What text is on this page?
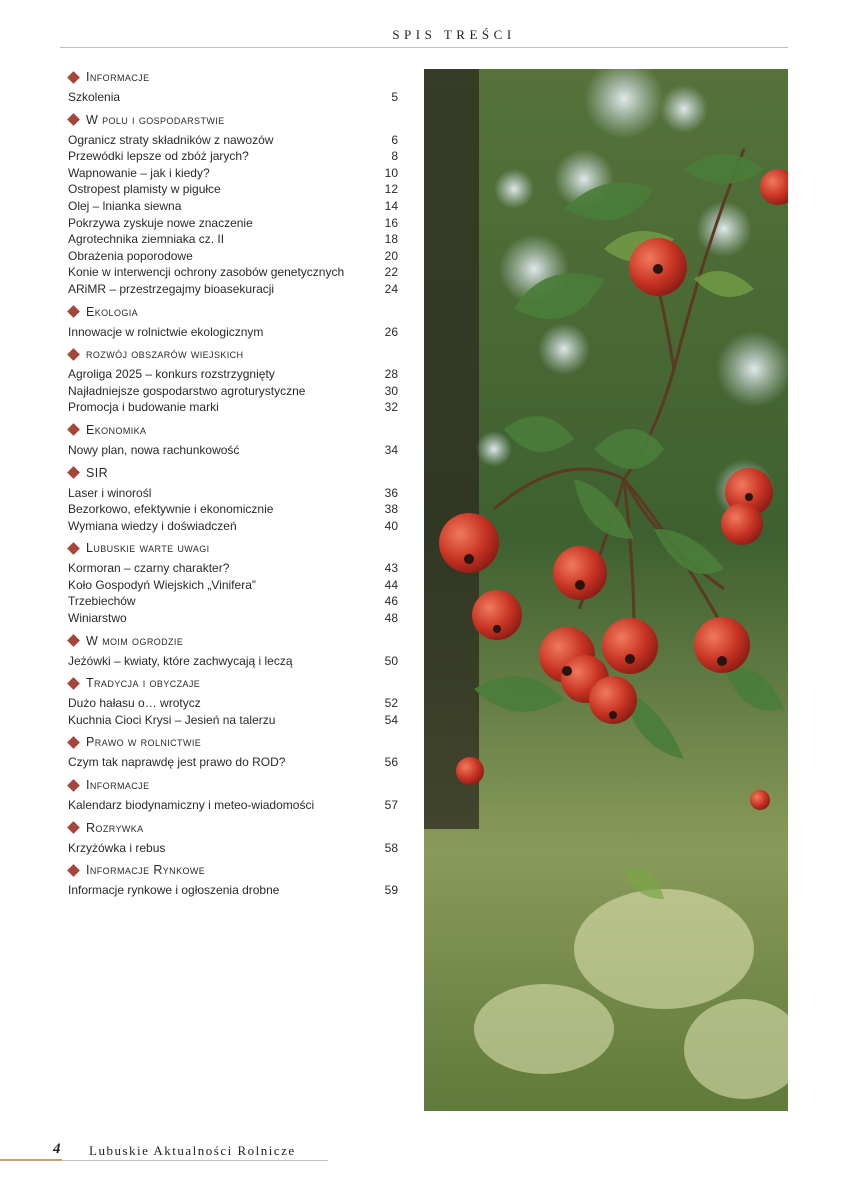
SPIS TREŚCI
Informacje
Szkolenia	5
W polu i gospodarstwie
Ogranicz straty składników z nawozów	6
Przewódki lepsze od zbóż jarych?	8
Wapnowanie – jak i kiedy?	10
Ostropest plamisty w pigułce	12
Olej – lnianka siewna	14
Pokrzywa zyskuje nowe znaczenie	16
Agrotechnika ziemniaka cz. II	18
Obrażenia poporodowe	20
Konie w interwencji ochrony zasobów genetycznych	22
ARiMR – przestrzegajmy bioasekuracji	24
Ekologia
Innowacje w rolnictwie ekologicznym	26
rozwój obszarów wiejskich
Agroliga 2025 – konkurs rozstrzygnięty	28
Najładniejsze gospodarstwo agroturystyczne	30
Promocja i budowanie marki	32
Ekonomika
Nowy plan, nowa rachunkowość	34
SIR
Laser i winorośl	36
Bezorkowo, efektywnie i ekonomicznie	38
Wymiana wiedzy i doświadczeń	40
Lubuskie warte uwagi
Kormoran – czarny charakter?	43
Koło Gospodyń Wiejskich „Vinifera”	44
Trzebiechów	46
Winiarstwo	48
W moim ogrodzie
Jeżówki – kwiaty, które zachwycają i leczą	50
Tradycja i obyczaje
Dużo hałasu o… wrotycz	52
Kuchnia Cioci Krysi – Jesień na talerzu	54
Prawo w rolnictwie
Czym tak naprawdę jest prawo do ROD?	56
Informacje
Kalendarz biodynamiczny i meteo-wiadomości	57
Rozrywka
Krzyżówka i rebus	58
Informacje Rynkowe
Informacje rynkowe i ogłoszenia drobne	59
4 Lubuskie Aktualności Rolnicze
